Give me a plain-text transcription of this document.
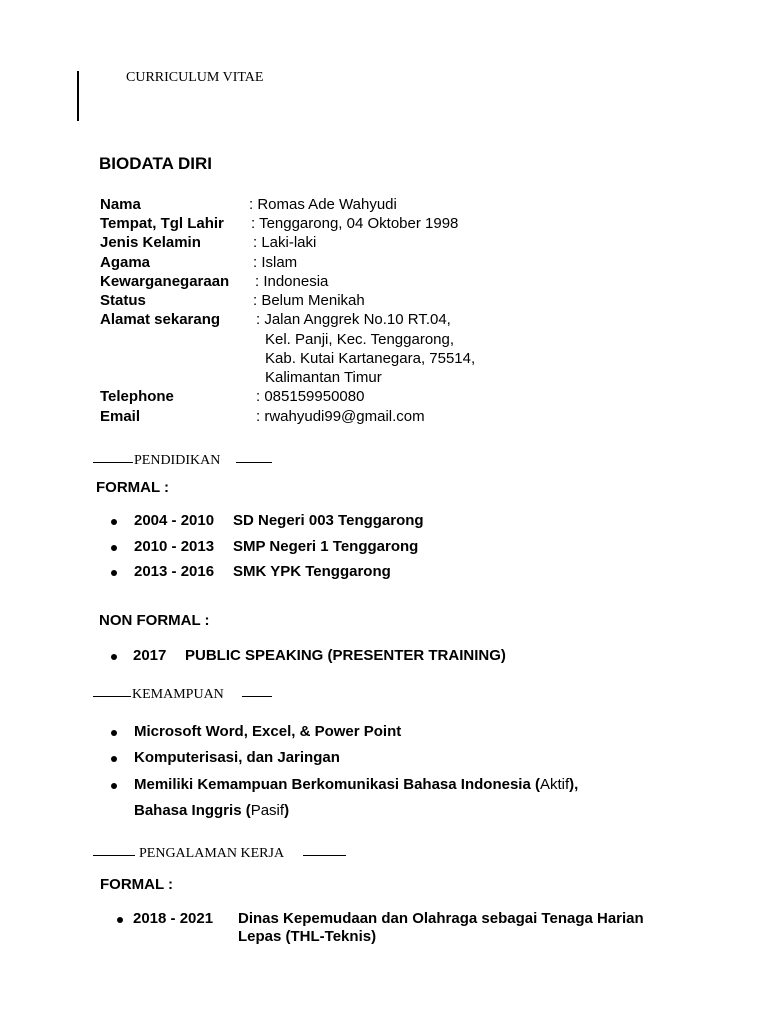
CURRICULUM VITAE
BIODATA DIRI
Nama	: Romas Ade Wahyudi
Tempat, Tgl Lahir : Tenggarong, 04 Oktober 1998
Jenis Kelamin	: Laki-laki
Agama	: Islam
Kewarganegaraan : Indonesia
Status	: Belum Menikah
Alamat sekarang : Jalan Anggrek No.10 RT.04,
Kel. Panji, Kec. Tenggarong,
Kab. Kutai Kartanegara, 75514,
Kalimantan Timur
Telephone	: 085159950080
Email	: rwahyudi99@gmail.com
PENDIDIKAN
FORMAL :
2004 - 2010 SD Negeri 003 Tenggarong
2010 - 2013 SMP Negeri 1 Tenggarong
2013 - 2016 SMK YPK Tenggarong
NON FORMAL :
2017 PUBLIC SPEAKING (PRESENTER TRAINING)
KEMAMPUAN
Microsoft Word, Excel, & Power Point
Komputerisasi, dan Jaringan
Memiliki Kemampuan Berkomunikasi Bahasa Indonesia (Aktif),
Bahasa Inggris (Pasif)
PENGALAMAN KERJA
FORMAL :
2018 - 2021 Dinas Kepemudaan dan Olahraga sebagai Tenaga Harian
Lepas (THL-Teknis)
